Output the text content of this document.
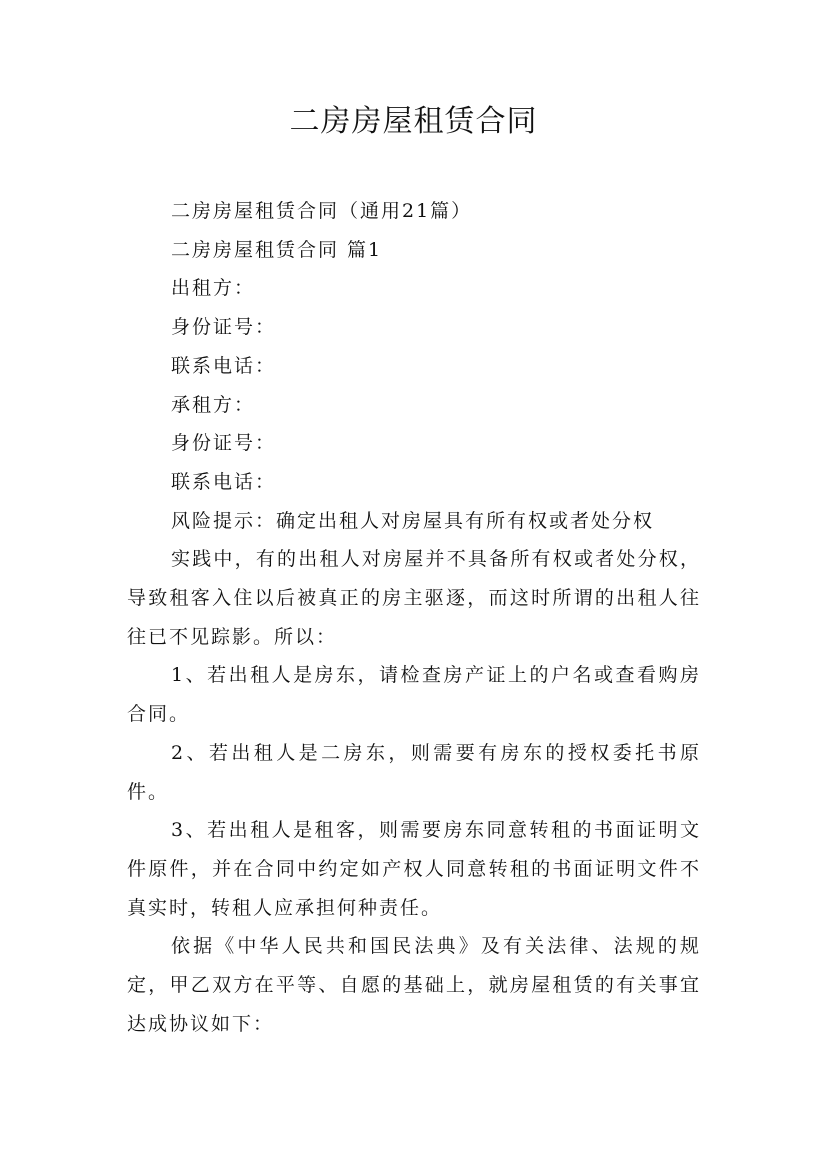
二房房屋租赁合同

二房房屋租赁合同（通用21篇）

二房房屋租赁合同 篇1

出租方：

身份证号：

联系电话：

承租方：

身份证号：

联系电话：

风险提示：确定出租人对房屋具有所有权或者处分权

实践中，有的出租人对房屋并不具备所有权或者处分权，导致租客入住以后被真正的房主驱逐，而这时所谓的出租人往往已不见踪影。所以：

1、若出租人是房东，请检查房产证上的户名或查看购房合同。

2、若出租人是二房东，则需要有房东的授权委托书原件。

3、若出租人是租客，则需要房东同意转租的书面证明文件原件，并在合同中约定如产权人同意转租的书面证明文件不真实时，转租人应承担何种责任。

依据《中华人民共和国民法典》及有关法律、法规的规定，甲乙双方在平等、自愿的基础上，就房屋租赁的有关事宜达成协议如下：
